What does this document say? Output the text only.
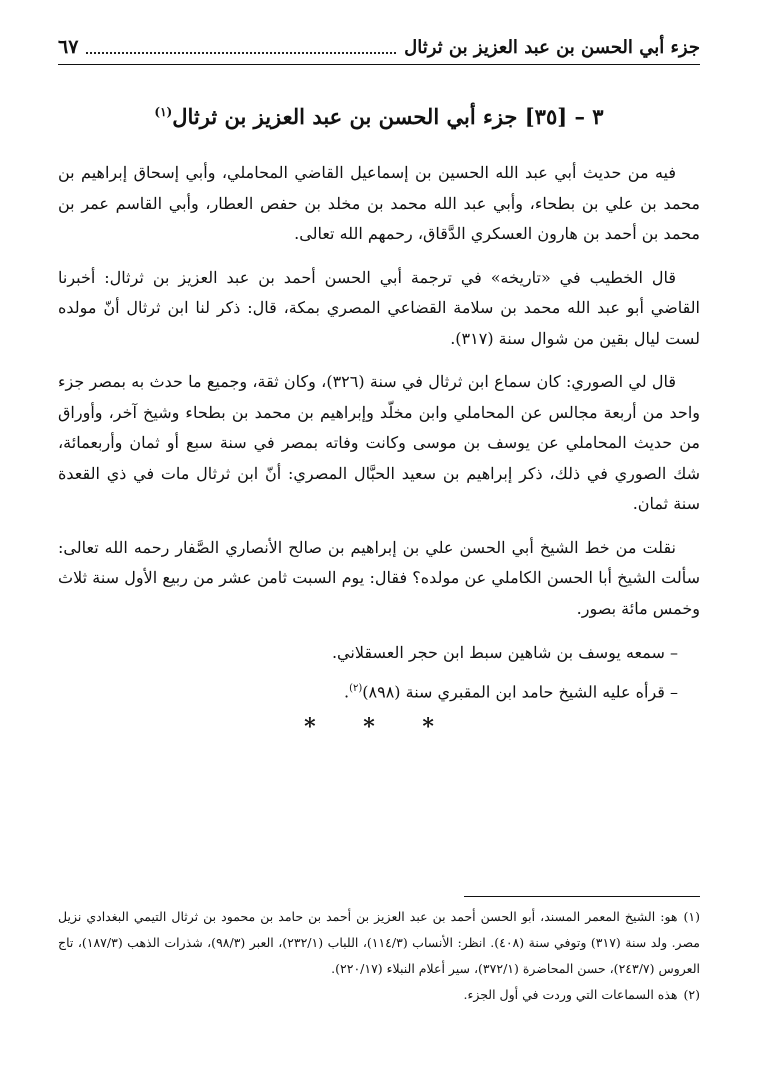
جزء أبي الحسن بن عبد العزيز بن ثرثال
٦٧
٣ – [٣٥] جزء أبي الحسن بن عبد العزيز بن ثرثال$^{(١)}$

فيه من حديث أبي عبد الله الحسين بن إسماعيل القاضي المحاملي، وأبي إسحاق إبراهيم بن محمد بن علي بن بطحاء، وأبي عبد الله محمد بن مخلد بن حفص العطار، وأبي القاسم عمر بن محمد بن أحمد بن هارون العسكري الدَّقاق، رحمهم الله تعالى.

قال الخطيب في «تاريخه» في ترجمة أبي الحسن أحمد بن عبد العزيز بن ثرثال: أخبرنا القاضي أبو عبد الله محمد بن سلامة القضاعي المصري بمكة، قال: ذكر لنا ابن ثرثال أنّ مولده لست ليال بقين من شوال سنة (٣١٧).

قال لي الصوري: كان سماع ابن ثرثال في سنة (٣٢٦)، وكان ثقة، وجميع ما حدث به بمصر جزء واحد من أربعة مجالس عن المحاملي وابن مخلّد وإبراهيم بن محمد بن بطحاء وشيخ آخر، وأوراق من حديث المحاملي عن يوسف بن موسى وكانت وفاته بمصر في سنة سبع أو ثمان وأربعمائة، شك الصوري في ذلك، ذكر إبراهيم بن سعيد الحبَّال المصري: أنّ ابن ثرثال مات في ذي القعدة سنة ثمان.

نقلت من خط الشيخ أبي الحسن علي بن إبراهيم بن صالح الأنصاري الصَّفار رحمه الله تعالى: سألت الشيخ أبا الحسن الكاملي عن مولده؟ فقال: يوم السبت ثامن عشر من ربيع الأول سنة ثلاث وخمس مائة بصور.

– سمعه يوسف بن شاهين سبط ابن حجر العسقلاني.
– قرأه عليه الشيخ حامد ابن المقبري سنة (٨٩٨)$^{(٢)}$.
* * *

(١)هو: الشيخ المعمر المسند، أبو الحسن أحمد بن عبد العزيز بن أحمد بن حامد بن محمود بن ثرثال التيمي البغدادي نزيل مصر. ولد سنة (٣١٧) وتوفي سنة (٤٠٨). انظر: الأنساب (١١٤/٣)، اللباب (٢٣٢/١)، العبر (٩٨/٣)، شذرات الذهب (١٨٧/٣)، تاج العروس (٢٤٣/٧)، حسن المحاضرة (٣٧٢/١)، سير أعلام النبلاء (٢٢٠/١٧).

(٢)هذه السماعات التي وردت في أول الجزء.
